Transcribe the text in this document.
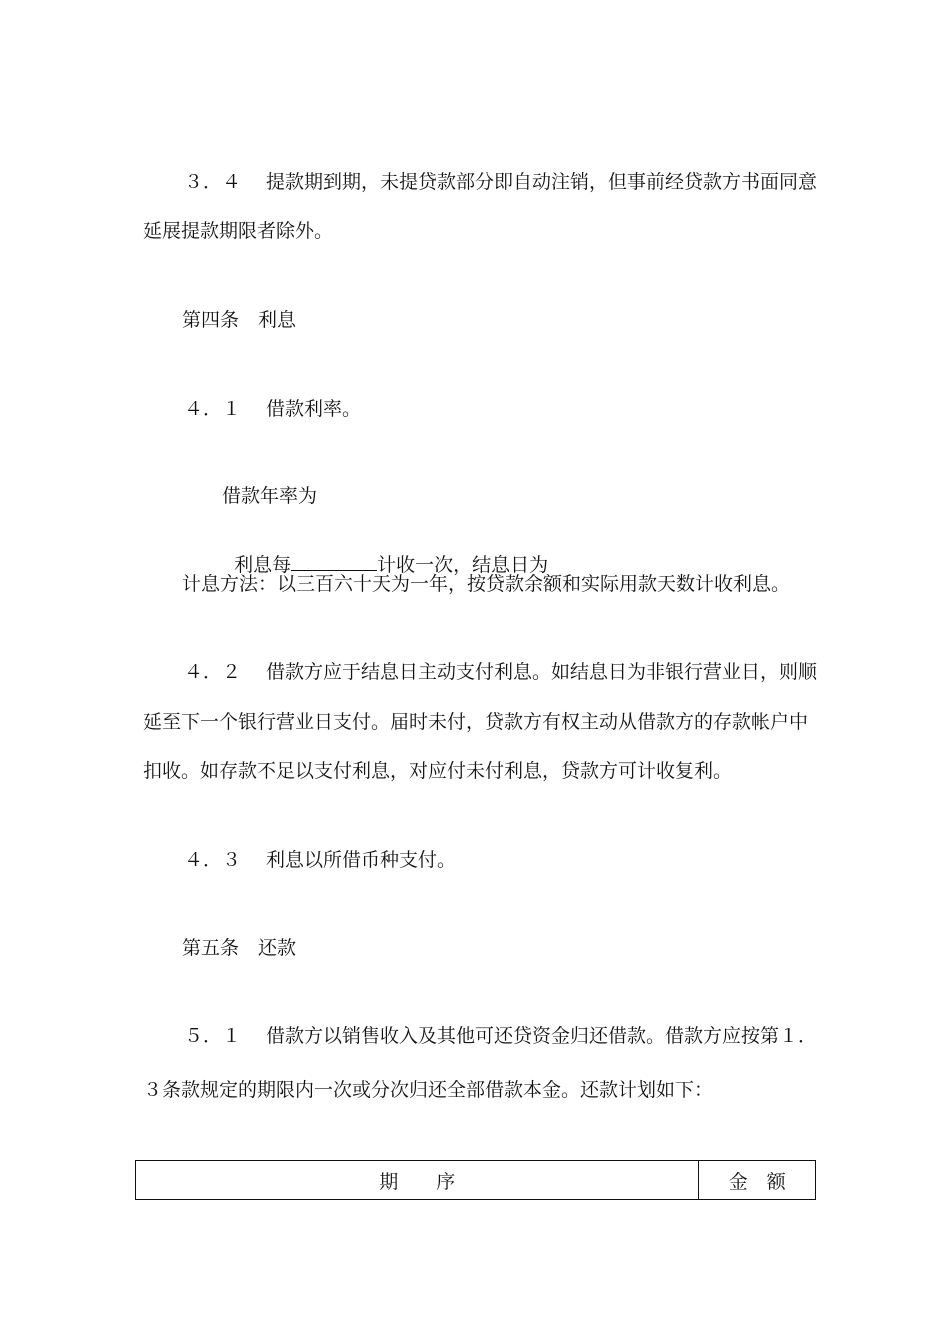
３．４　 提款期到期，未提贷款部分即自动注销，但事前经贷款方书面同意
延展提款期限者除外。
第四条　利息
４．１　 借款利率。
借款年率为

利息每	计收一次，结息日为

计息方法：以三百六十天为一年，按贷款余额和实际用款天数计收利息。
４．２　 借款方应于结息日主动支付利息。如结息日为非银行营业日，则顺
延至下一个银行营业日支付。届时未付，贷款方有权主动从借款方的存款帐户中
扣收。如存款不足以支付利息，对应付未付利息，贷款方可计收复利。
４．３　 利息以所借币种支付。
第五条　还款
５．１　 借款方以销售收入及其他可还贷资金归还借款。借款方应按第１．
３条款规定的期限内一次或分次归还全部借款本金。还款计划如下：
期　　序	金　额
